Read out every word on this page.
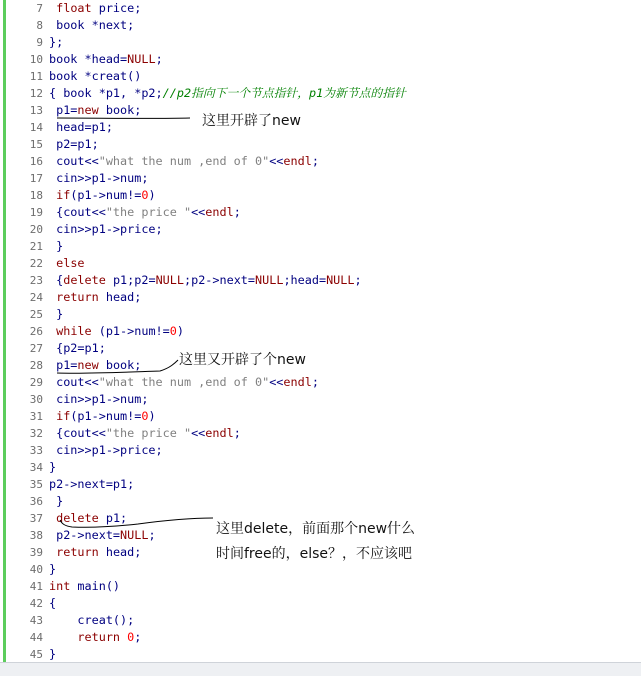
7	float price;
8 book *next;
9 };
10 book *head=NULL;
11 book *creat()
12 { book *p1, *p2;//p2指向下一个节点指针，p1为新节点的指针
13 p1=new book;
14 head=p1;
15 p2=p1;
16 cout<<"what the num ,end of 0"<<endl;
17 cin>>p1->num;
18	if(p1->num!=0)
19 {cout<<"the price "<<endl;
20 cin>>p1->price;
21 }
22	else
23 {delete p1;p2=NULL;p2->next=NULL;head=NULL;
24	return head;
25 }
26	while (p1->num!=0)
27 {p2=p1;
28 p1=new book;
29 cout<<"what the num ,end of 0"<<endl;
30 cin>>p1->num;
31	if(p1->num!=0)
32 {cout<<"the price "<<endl;
33 cin>>p1->price;
34 }
35 p2->next=p1;
36 }
37	delete p1;
38 p2->next=NULL;
39	return head;
40 }
41 int main()
42 {
43 creat();
44	return 0;
45 }
这里开辟了new
这里又开辟了个new
这里delete，前面那个new什么
时间free的，else？，不应该吧
